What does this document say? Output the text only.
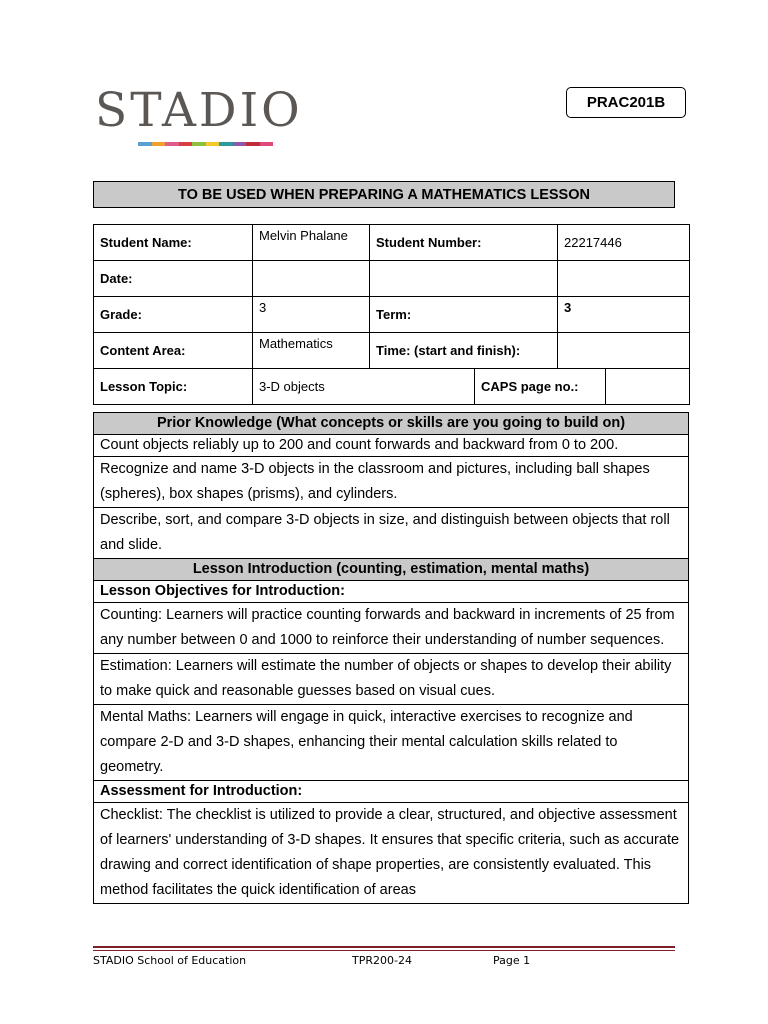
STADIO	PRAC201B
TO BE USED WHEN PREPARING A MATHEMATICS LESSON
Student Name:	Melvin Phalane	Student Number:		22217446	
Date:					
Grade:	3	Term:		3	
Content Area:	Mathematics	Time: (start and finish):			
Lesson Topic:	3-D objects		CAPS page no.:		
Prior Knowledge (What concepts or skills are you going to build on)
Count objects reliably up to 200 and count forwards and backward from 0 to 200.
Recognize and name 3-D objects in the classroom and pictures, including ball shapes (spheres), box shapes (prisms), and cylinders.
Describe, sort, and compare 3-D objects in size, and distinguish between objects that roll and slide.
Lesson Introduction (counting, estimation, mental maths)
Lesson Objectives for Introduction:
Counting: Learners will practice counting forwards and backward in increments of 25 from any number between 0 and 1000 to reinforce their understanding of number sequences.
Estimation: Learners will estimate the number of objects or shapes to develop their ability to make quick and reasonable guesses based on visual cues.
Mental Maths: Learners will engage in quick, interactive exercises to recognize and compare 2-D and 3-D shapes, enhancing their mental calculation skills related to geometry.
Assessment for Introduction:
Checklist: The checklist is utilized to provide a clear, structured, and objective assessment of learners' understanding of 3-D shapes. It ensures that specific criteria, such as accurate drawing and correct identification of shape properties, are consistently evaluated. This method facilitates the quick identification of areas
STADIO School of Education	TPR200-24	Page 1
